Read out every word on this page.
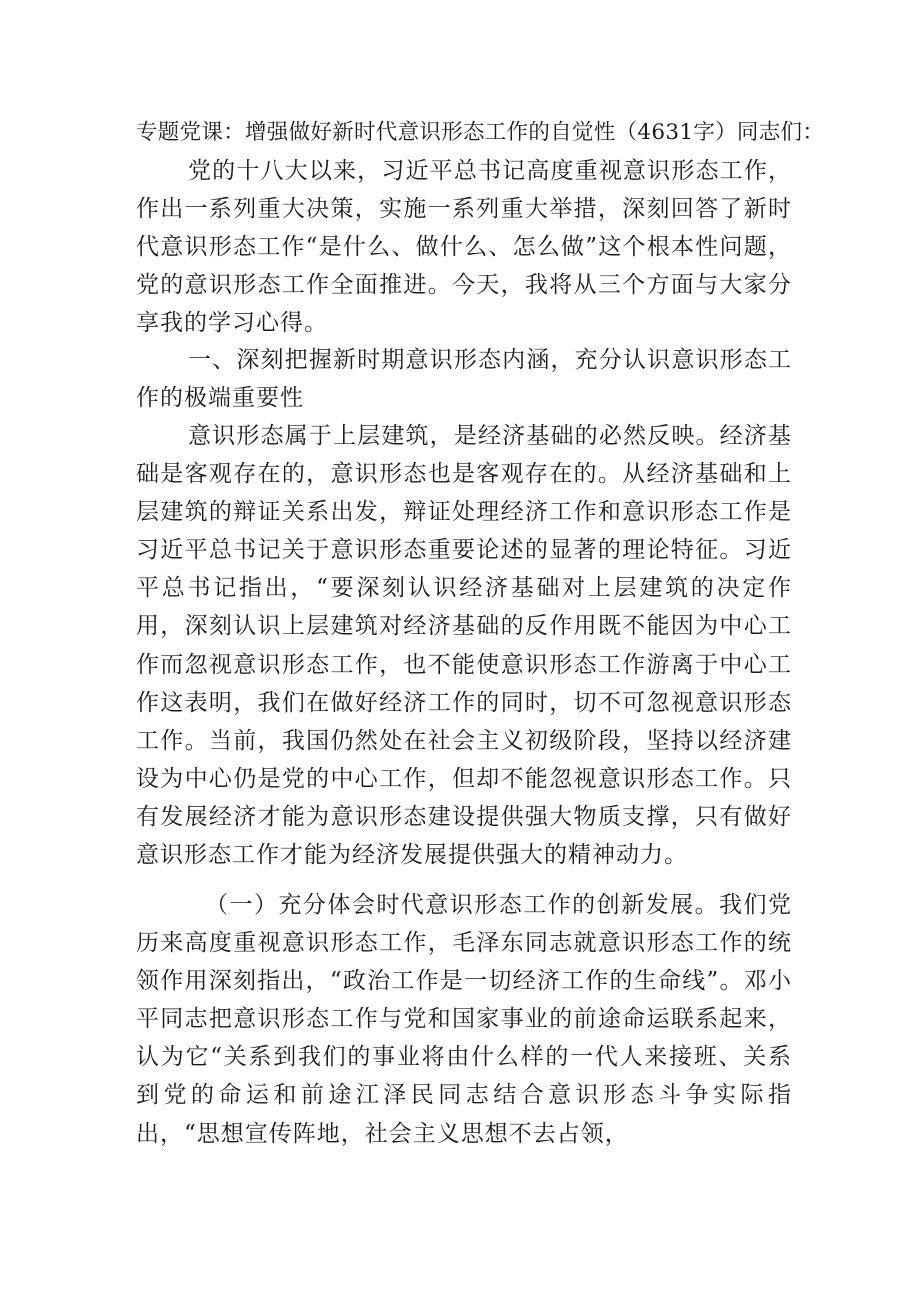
专题党课：增强做好新时代意识形态工作的自觉性（4631字）同志们：

党的十八大以来，习近平总书记高度重视意识形态工作，作出一系列重大决策，实施一系列重大举措，深刻回答了新时代意识形态工作“是什么、做什么、怎么做”这个根本性问题，党的意识形态工作全面推进。今天，我将从三个方面与大家分享我的学习心得。

一、深刻把握新时期意识形态内涵，充分认识意识形态工作的极端重要性

意识形态属于上层建筑，是经济基础的必然反映。经济基础是客观存在的，意识形态也是客观存在的。从经济基础和上层建筑的辩证关系出发，辩证处理经济工作和意识形态工作是习近平总书记关于意识形态重要论述的显著的理论特征。习近平总书记指出，“要深刻认识经济基础对上层建筑的决定作用，深刻认识上层建筑对经济基础的反作用既不能因为中心工作而忽视意识形态工作，也不能使意识形态工作游离于中心工作这表明，我们在做好经济工作的同时，切不可忽视意识形态工作。当前，我国仍然处在社会主义初级阶段，坚持以经济建设为中心仍是党的中心工作，但却不能忽视意识形态工作。只有发展经济才能为意识形态建设提供强大物质支撑，只有做好意识形态工作才能为经济发展提供强大的精神动力。

（一）充分体会时代意识形态工作的创新发展。我们党历来高度重视意识形态工作，毛泽东同志就意识形态工作的统领作用深刻指出，“政治工作是一切经济工作的生命线”。邓小平同志把意识形态工作与党和国家事业的前途命运联系起来，认为它“关系到我们的事业将由什么样的一代人来接班、关系到党的命运和前途江泽民同志结合意识形态斗争实际指出，“思想宣传阵地，社会主义思想不去占领，
